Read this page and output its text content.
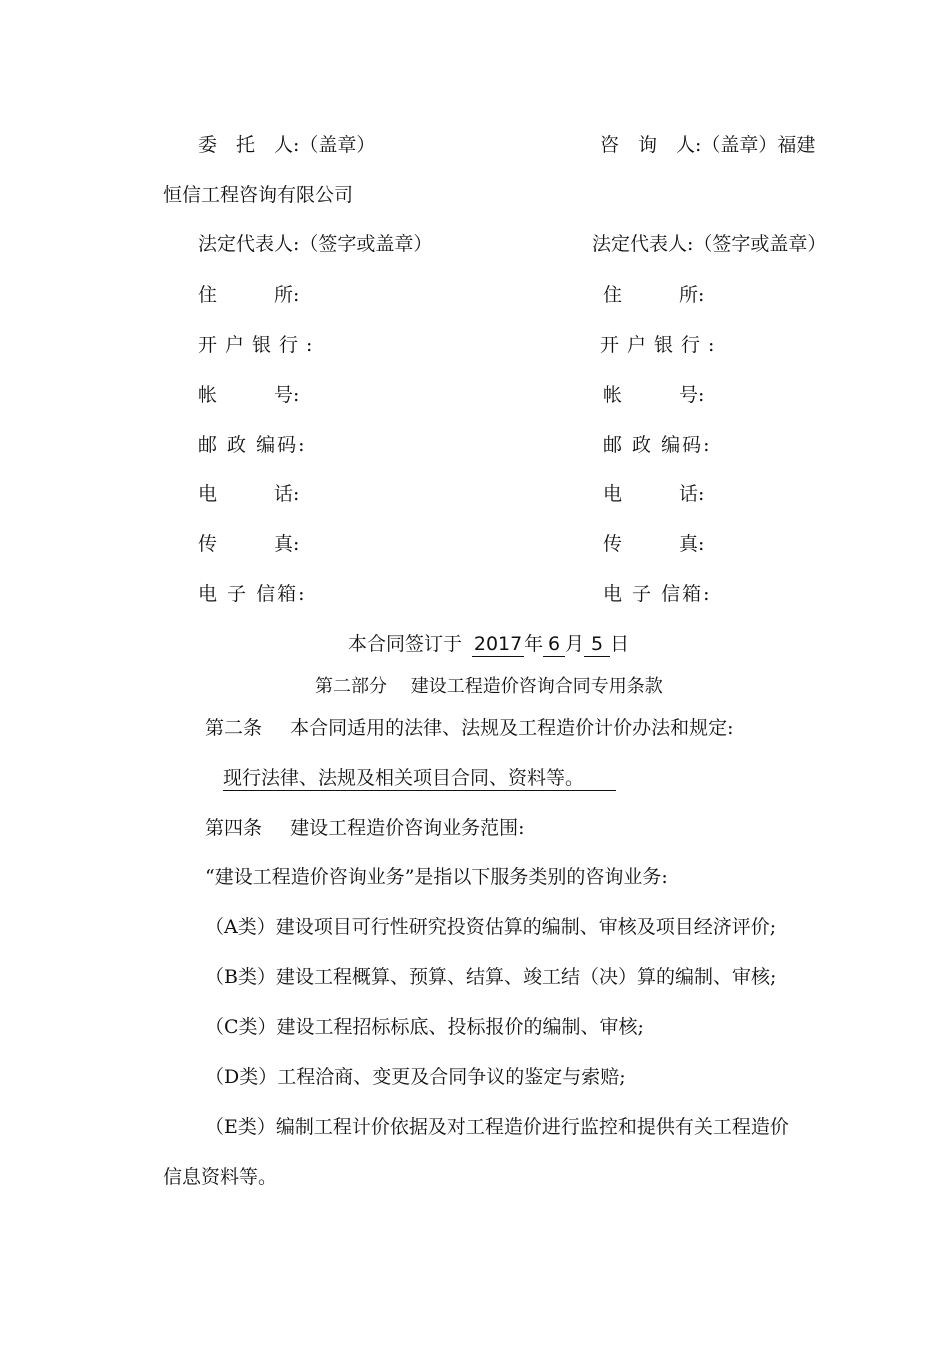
委　托　人:（盖章）	咨　询　人:（盖章）福建
恒信工程咨询有限公司
法定代表人:（签字或盖章）	法定代表人:（签字或盖章）
住　　　所:	住　　　所:
开户银行:	开户银行:
帐　　　号:	帐　　　号:
邮 政 编码:	邮 政 编码:
电　　　话:	电　　　话:
传　　　真:	传　　　真:
电 子 信箱:	电 子 信箱:
本合同签订于 2017年 6 月 5 日
第二部分　 建设工程造价咨询合同专用条款
第二条 本合同适用的法律、法规及工程造价计价办法和规定:
现行法律、法规及相关项目合同、资料等。
第四条 建设工程造价咨询业务范围:
“建设工程造价咨询业务”是指以下服务类别的咨询业务:
（A类）建设项目可行性研究投资估算的编制、审核及项目经济评价;
（B类）建设工程概算、预算、结算、竣工结（决）算的编制、审核;
（C类）建设工程招标标底、投标报价的编制、审核;
（D类）工程洽商、变更及合同争议的鉴定与索赔;
（E类）编制工程计价依据及对工程造价进行监控和提供有关工程造价
信息资料等。
